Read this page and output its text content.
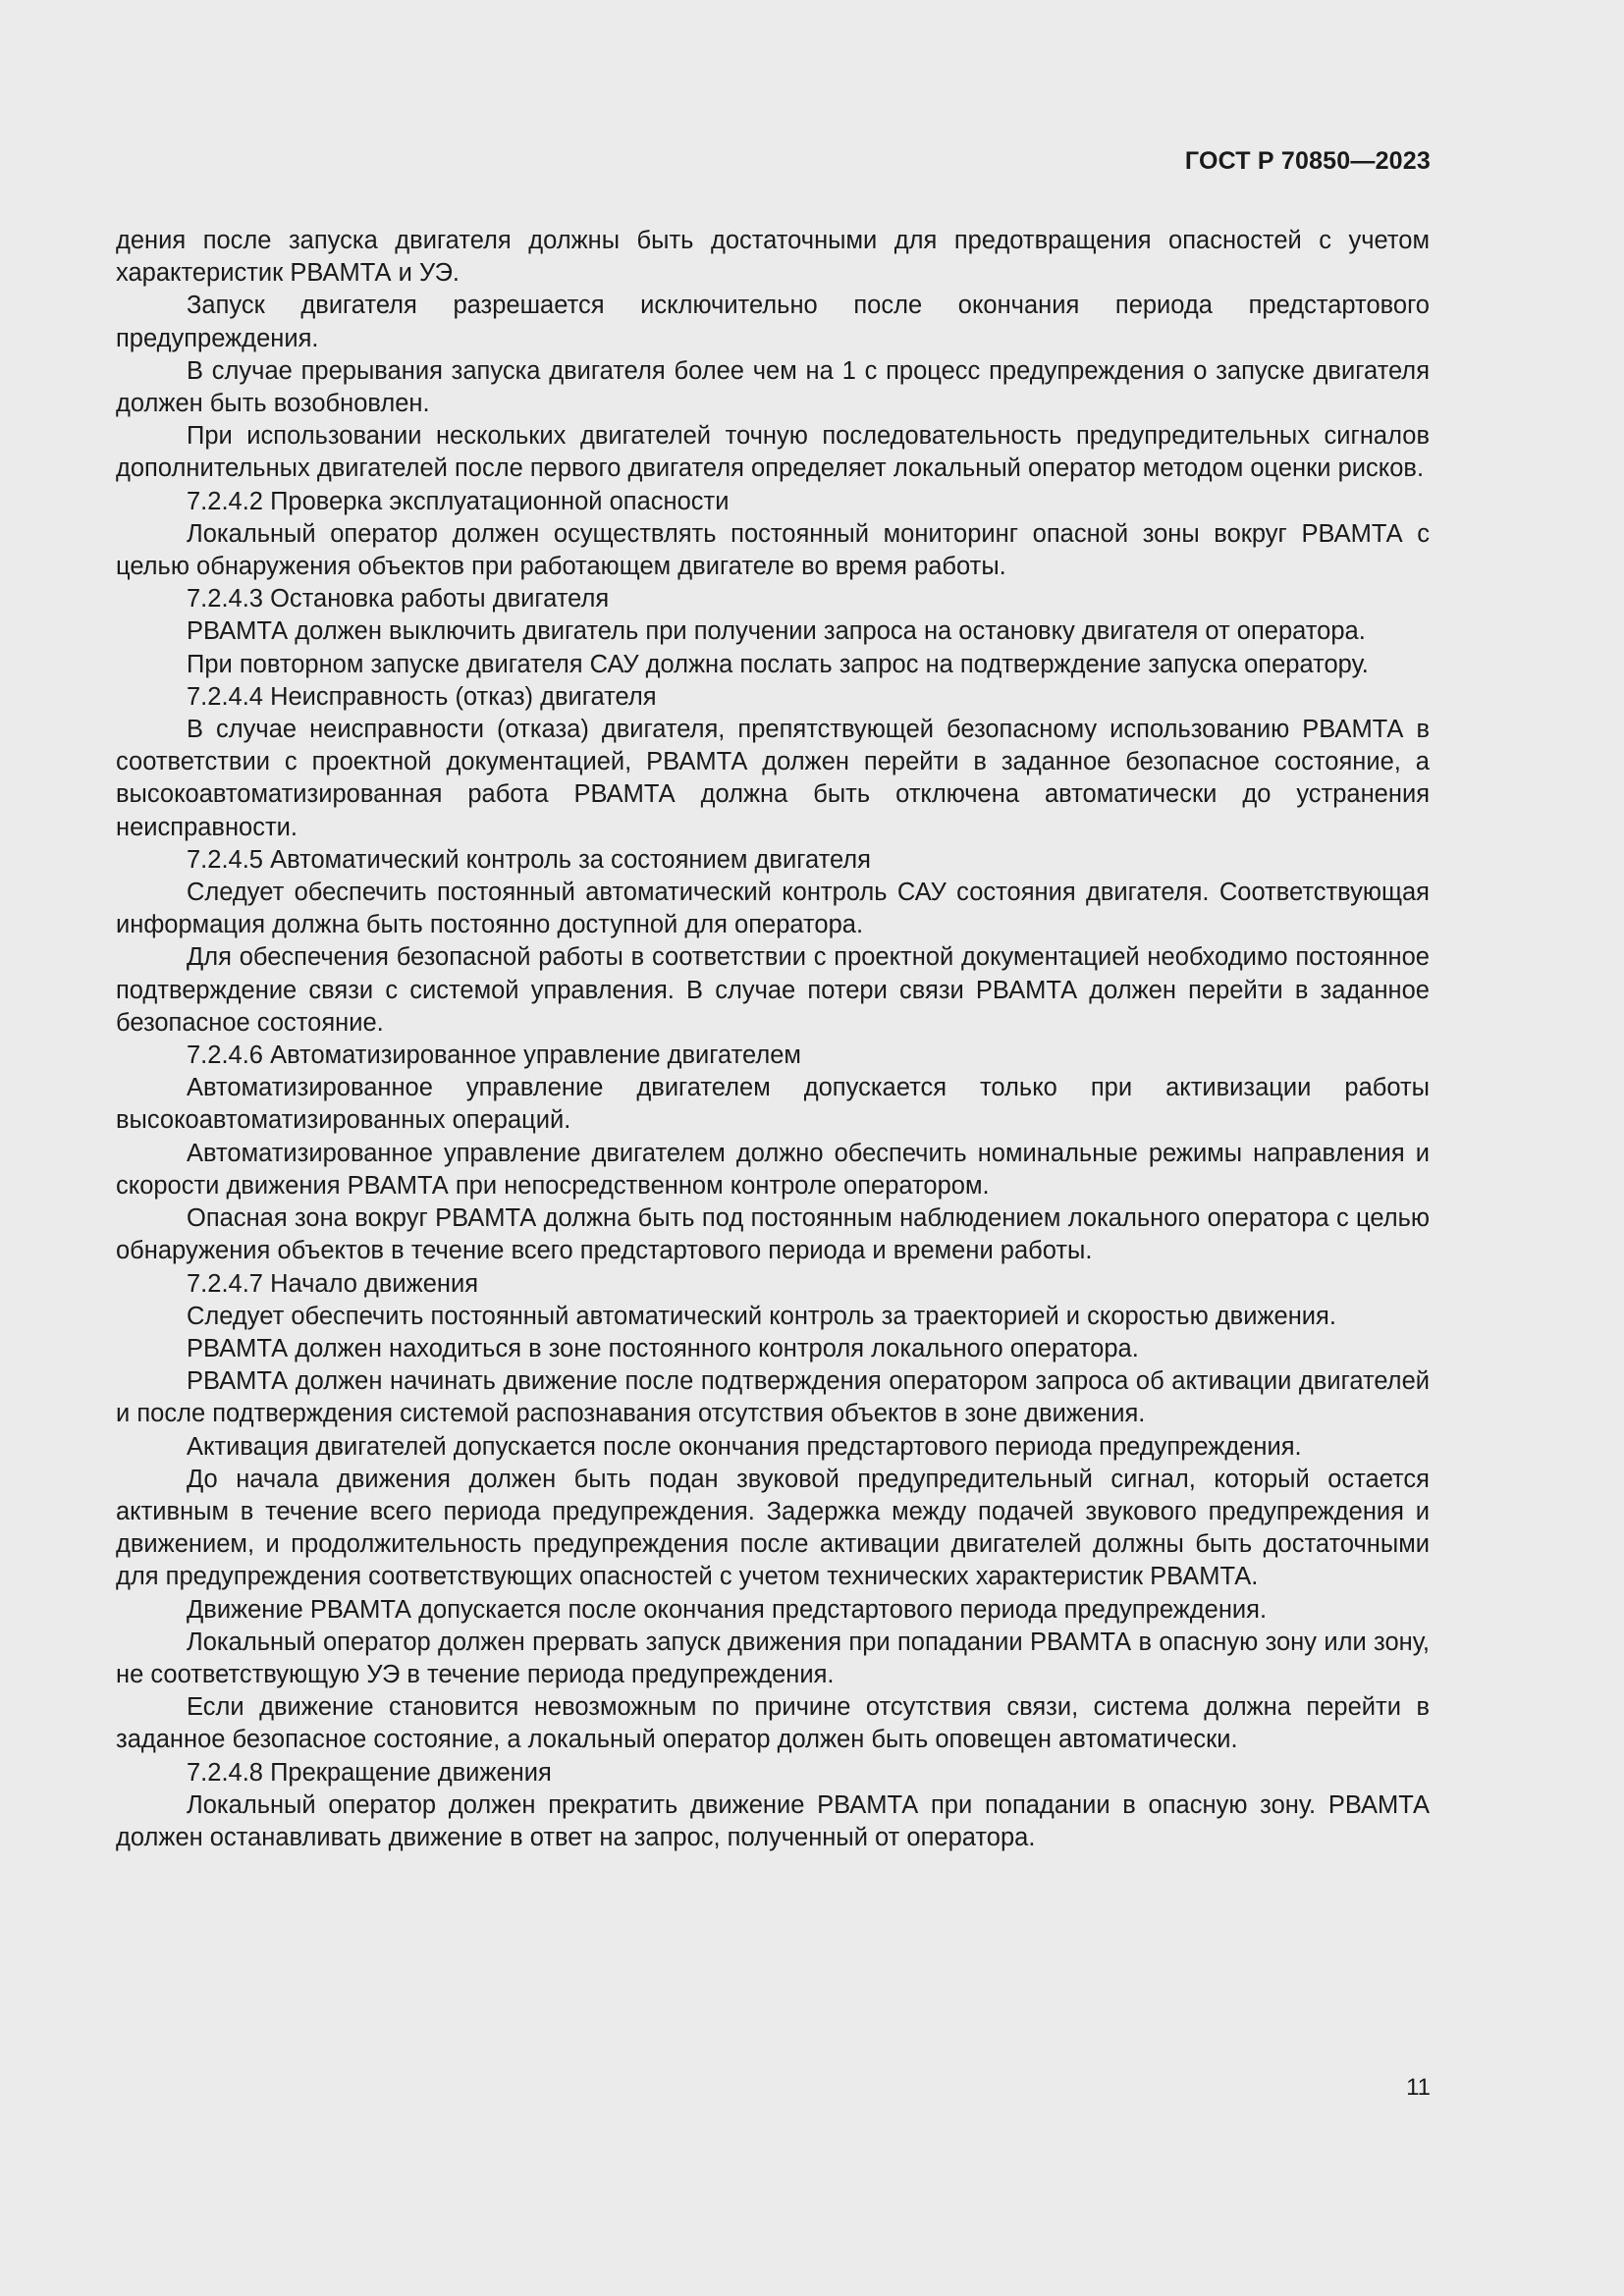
ГОСТ Р 70850—2023

дения после запуска двигателя должны быть достаточными для предотвращения опасностей с учетом характеристик РВАМТА и УЭ.

Запуск двигателя разрешается исключительно после окончания периода предстартового предупреждения.

В случае прерывания запуска двигателя более чем на 1 с процесс предупреждения о запуске двигателя должен быть возобновлен.

При использовании нескольких двигателей точную последовательность предупредительных сигналов дополнительных двигателей после первого двигателя определяет локальный оператор методом оценки рисков.

7.2.4.2 Проверка эксплуатационной опасности

Локальный оператор должен осуществлять постоянный мониторинг опасной зоны вокруг РВАМТА с целью обнаружения объектов при работающем двигателе во время работы.

7.2.4.3 Остановка работы двигателя

РВАМТА должен выключить двигатель при получении запроса на остановку двигателя от оператора.

При повторном запуске двигателя САУ должна послать запрос на подтверждение запуска оператору.

7.2.4.4 Неисправность (отказ) двигателя

В случае неисправности (отказа) двигателя, препятствующей безопасному использованию РВАМТА в соответствии с проектной документацией, РВАМТА должен перейти в заданное безопасное состояние, а высокоавтоматизированная работа РВАМТА должна быть отключена автоматически до устранения неисправности.

7.2.4.5 Автоматический контроль за состоянием двигателя

Следует обеспечить постоянный автоматический контроль САУ состояния двигателя. Соответствующая информация должна быть постоянно доступной для оператора.

Для обеспечения безопасной работы в соответствии с проектной документацией необходимо постоянное подтверждение связи с системой управления. В случае потери связи РВАМТА должен перейти в заданное безопасное состояние.

7.2.4.6 Автоматизированное управление двигателем

Автоматизированное управление двигателем допускается только при активизации работы высокоавтоматизированных операций.

Автоматизированное управление двигателем должно обеспечить номинальные режимы направления и скорости движения РВАМТА при непосредственном контроле оператором.

Опасная зона вокруг РВАМТА должна быть под постоянным наблюдением локального оператора с целью обнаружения объектов в течение всего предстартового периода и времени работы.

7.2.4.7 Начало движения

Следует обеспечить постоянный автоматический контроль за траекторией и скоростью движения.

РВАМТА должен находиться в зоне постоянного контроля локального оператора.

РВАМТА должен начинать движение после подтверждения оператором запроса об активации двигателей и после подтверждения системой распознавания отсутствия объектов в зоне движения.

Активация двигателей допускается после окончания предстартового периода предупреждения.

До начала движения должен быть подан звуковой предупредительный сигнал, который остается активным в течение всего периода предупреждения. Задержка между подачей звукового предупреждения и движением, и продолжительность предупреждения после активации двигателей должны быть достаточными для предупреждения соответствующих опасностей с учетом технических характеристик РВАМТА.

Движение РВАМТА допускается после окончания предстартового периода предупреждения.

Локальный оператор должен прервать запуск движения при попадании РВАМТА в опасную зону или зону, не соответствующую УЭ в течение периода предупреждения.

Если движение становится невозможным по причине отсутствия связи, система должна перейти в заданное безопасное состояние, а локальный оператор должен быть оповещен автоматически.

7.2.4.8 Прекращение движения

Локальный оператор должен прекратить движение РВАМТА при попадании в опасную зону. РВАМТА должен останавливать движение в ответ на запрос, полученный от оператора.

11
